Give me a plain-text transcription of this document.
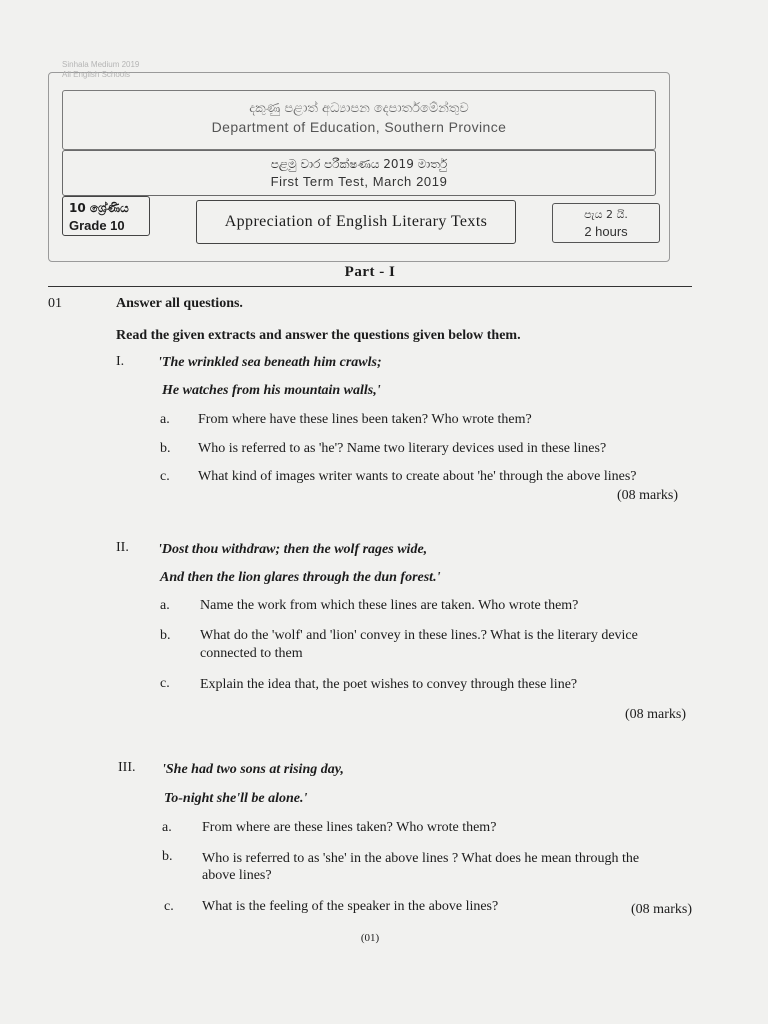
Sinhala Medium 2019
All English Schools
දකුණු පළාත් අධ්‍යාපන දෙපාර්තමේන්තුව
Department of Education, Southern Province
පළමු වාර පරීක්ෂණය 2019 මාර්තු
First Term Test, March 2019
10 ශ්‍රේණිය
Grade 10	Appreciation of English Literary Texts	පැය 2 යි.
2 hours
Part - I
01	Answer all questions.
Read the given extracts and answer the questions given below them.
I. 'The wrinkled sea beneath him crawls;
He watches from his mountain walls,'
a. From where have these lines been taken? Who wrote them?
b. Who is referred to as 'he'? Name two literary devices used in these lines?
c. What kind of images writer wants to create about 'he' through the above lines?
(08 marks)
II. 'Dost thou withdraw; then the wolf rages wide,
And then the lion glares through the dun forest.'
a. Name the work from which these lines are taken. Who wrote them?
b. What do the 'wolf' and 'lion' convey in these lines.? What is the literary device
connected to them
c. Explain the idea that, the poet wishes to convey through these line?
(08 marks)
III. 'She had two sons at rising day,
To-night she'll be alone.'
a. From where are these lines taken? Who wrote them?
b. Who is referred to as 'she' in the above lines ? What does he mean through the
above lines?
c. What is the feeling of the speaker in the above lines?	(08 marks)
(01)
